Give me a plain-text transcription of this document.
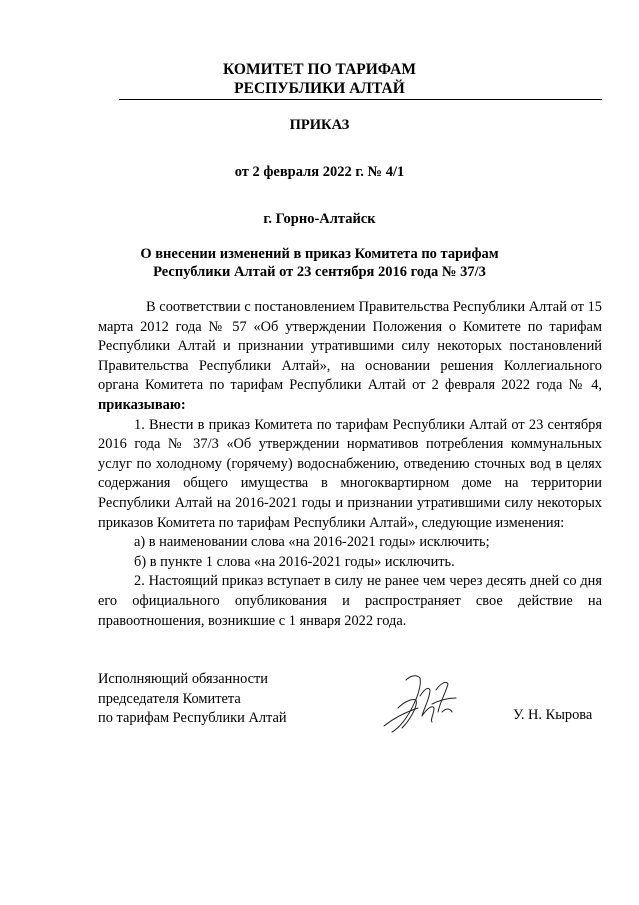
КОМИТЕТ ПО ТАРИФАМ
РЕСПУБЛИКИ АЛТАЙ
ПРИКАЗ
от 2 февраля 2022 г. № 4/1
г. Горно-Алтайск
О внесении изменений в приказ Комитета по тарифам
Республики Алтай от 23 сентября 2016 года № 37/3

В соответствии с постановлением Правительства Республики Алтай от 15 марта 2012 года № 57 «Об утверждении Положения о Комитете по тарифам Республики Алтай и признании утратившими силу некоторых постановлений Правительства Республики Алтай», на основании решения Коллегиального органа Комитета по тарифам Республики Алтай от 2 февраля 2022 года № 4, приказываю:

1. Внести в приказ Комитета по тарифам Республики Алтай от 23 сентября 2016 года № 37/3 «Об утверждении нормативов потребления коммунальных услуг по холодному (горячему) водоснабжению, отведению сточных вод в целях содержания общего имущества в многоквартирном доме на территории Республики Алтай на 2016-2021 годы и признании утратившими силу некоторых приказов Комитета по тарифам Республики Алтай», следующие изменения:

а) в наименовании слова «на 2016-2021 годы» исключить;

б) в пункте 1 слова «на 2016-2021 годы» исключить.

2. Настоящий приказ вступает в силу не ранее чем через десять дней со дня его официального опубликования и распространяет свое действие на правоотношения, возникшие с 1 января 2022 года.

Исполняющий обязанности
председателя Комитета
по тарифам Республики Алтай	У. Н. Кырова
